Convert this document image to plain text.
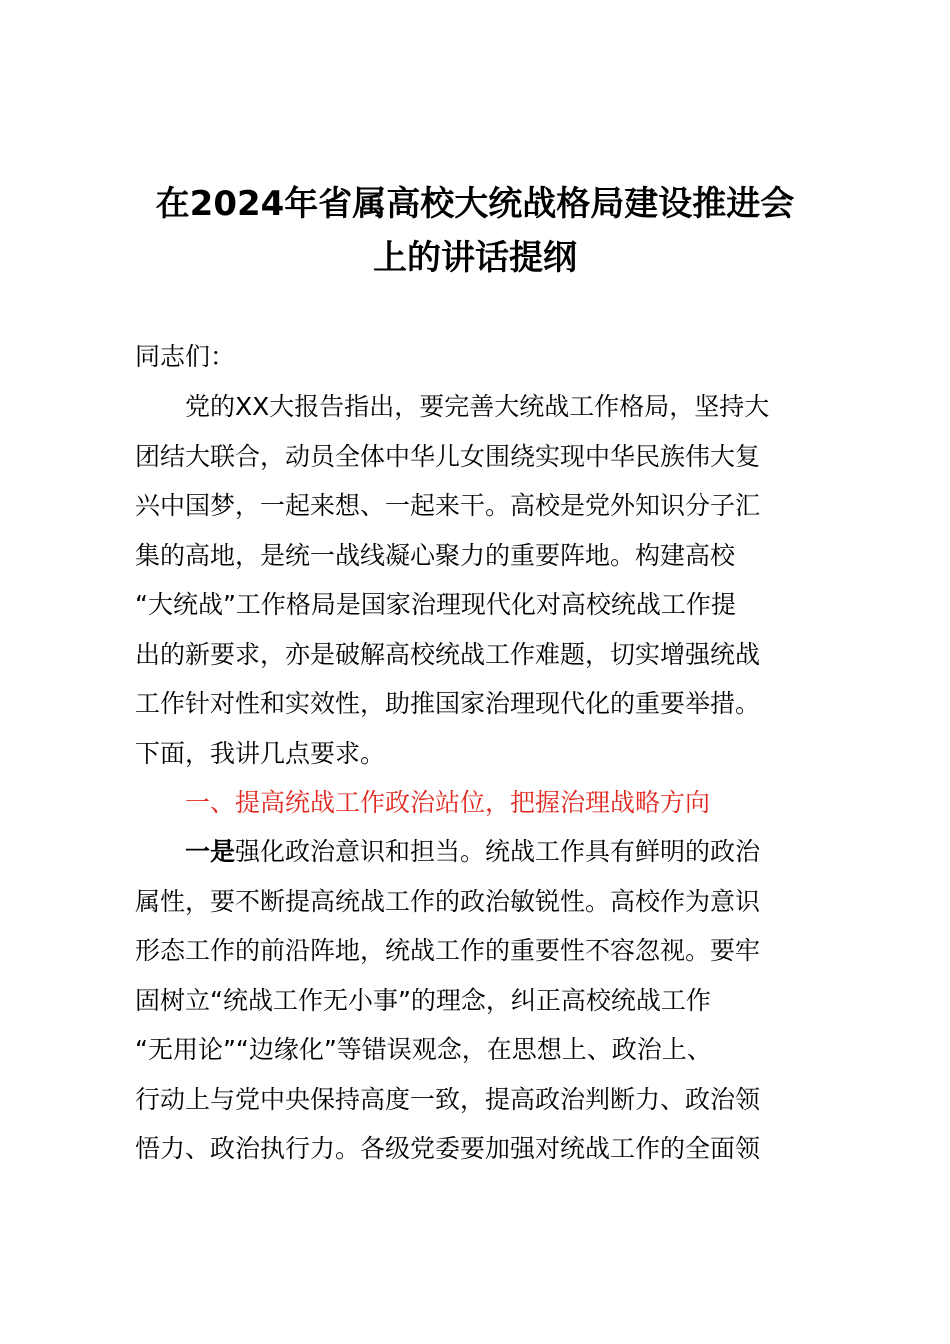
在2024年省属高校大统战格局建设推进会
上的讲话提纲

同志们：

党的XX大报告指出，要完善大统战工作格局，坚持大
团结大联合，动员全体中华儿女围绕实现中华民族伟大复
兴中国梦，一起来想、一起来干。高校是党外知识分子汇
集的高地，是统一战线凝心聚力的重要阵地。构建高校
“大统战”工作格局是国家治理现代化对高校统战工作提
出的新要求，亦是破解高校统战工作难题，切实增强统战
工作针对性和实效性，助推国家治理现代化的重要举措。
下面，我讲几点要求。

一、提高统战工作政治站位，把握治理战略方向

一是强化政治意识和担当。统战工作具有鲜明的政治
属性，要不断提高统战工作的政治敏锐性。高校作为意识
形态工作的前沿阵地，统战工作的重要性不容忽视。要牢
固树立“统战工作无小事”的理念，纠正高校统战工作
“无用论”“边缘化”等错误观念，在思想上、政治上、
行动上与党中央保持高度一致，提高政治判断力、政治领
悟力、政治执行力。各级党委要加强对统战工作的全面领
